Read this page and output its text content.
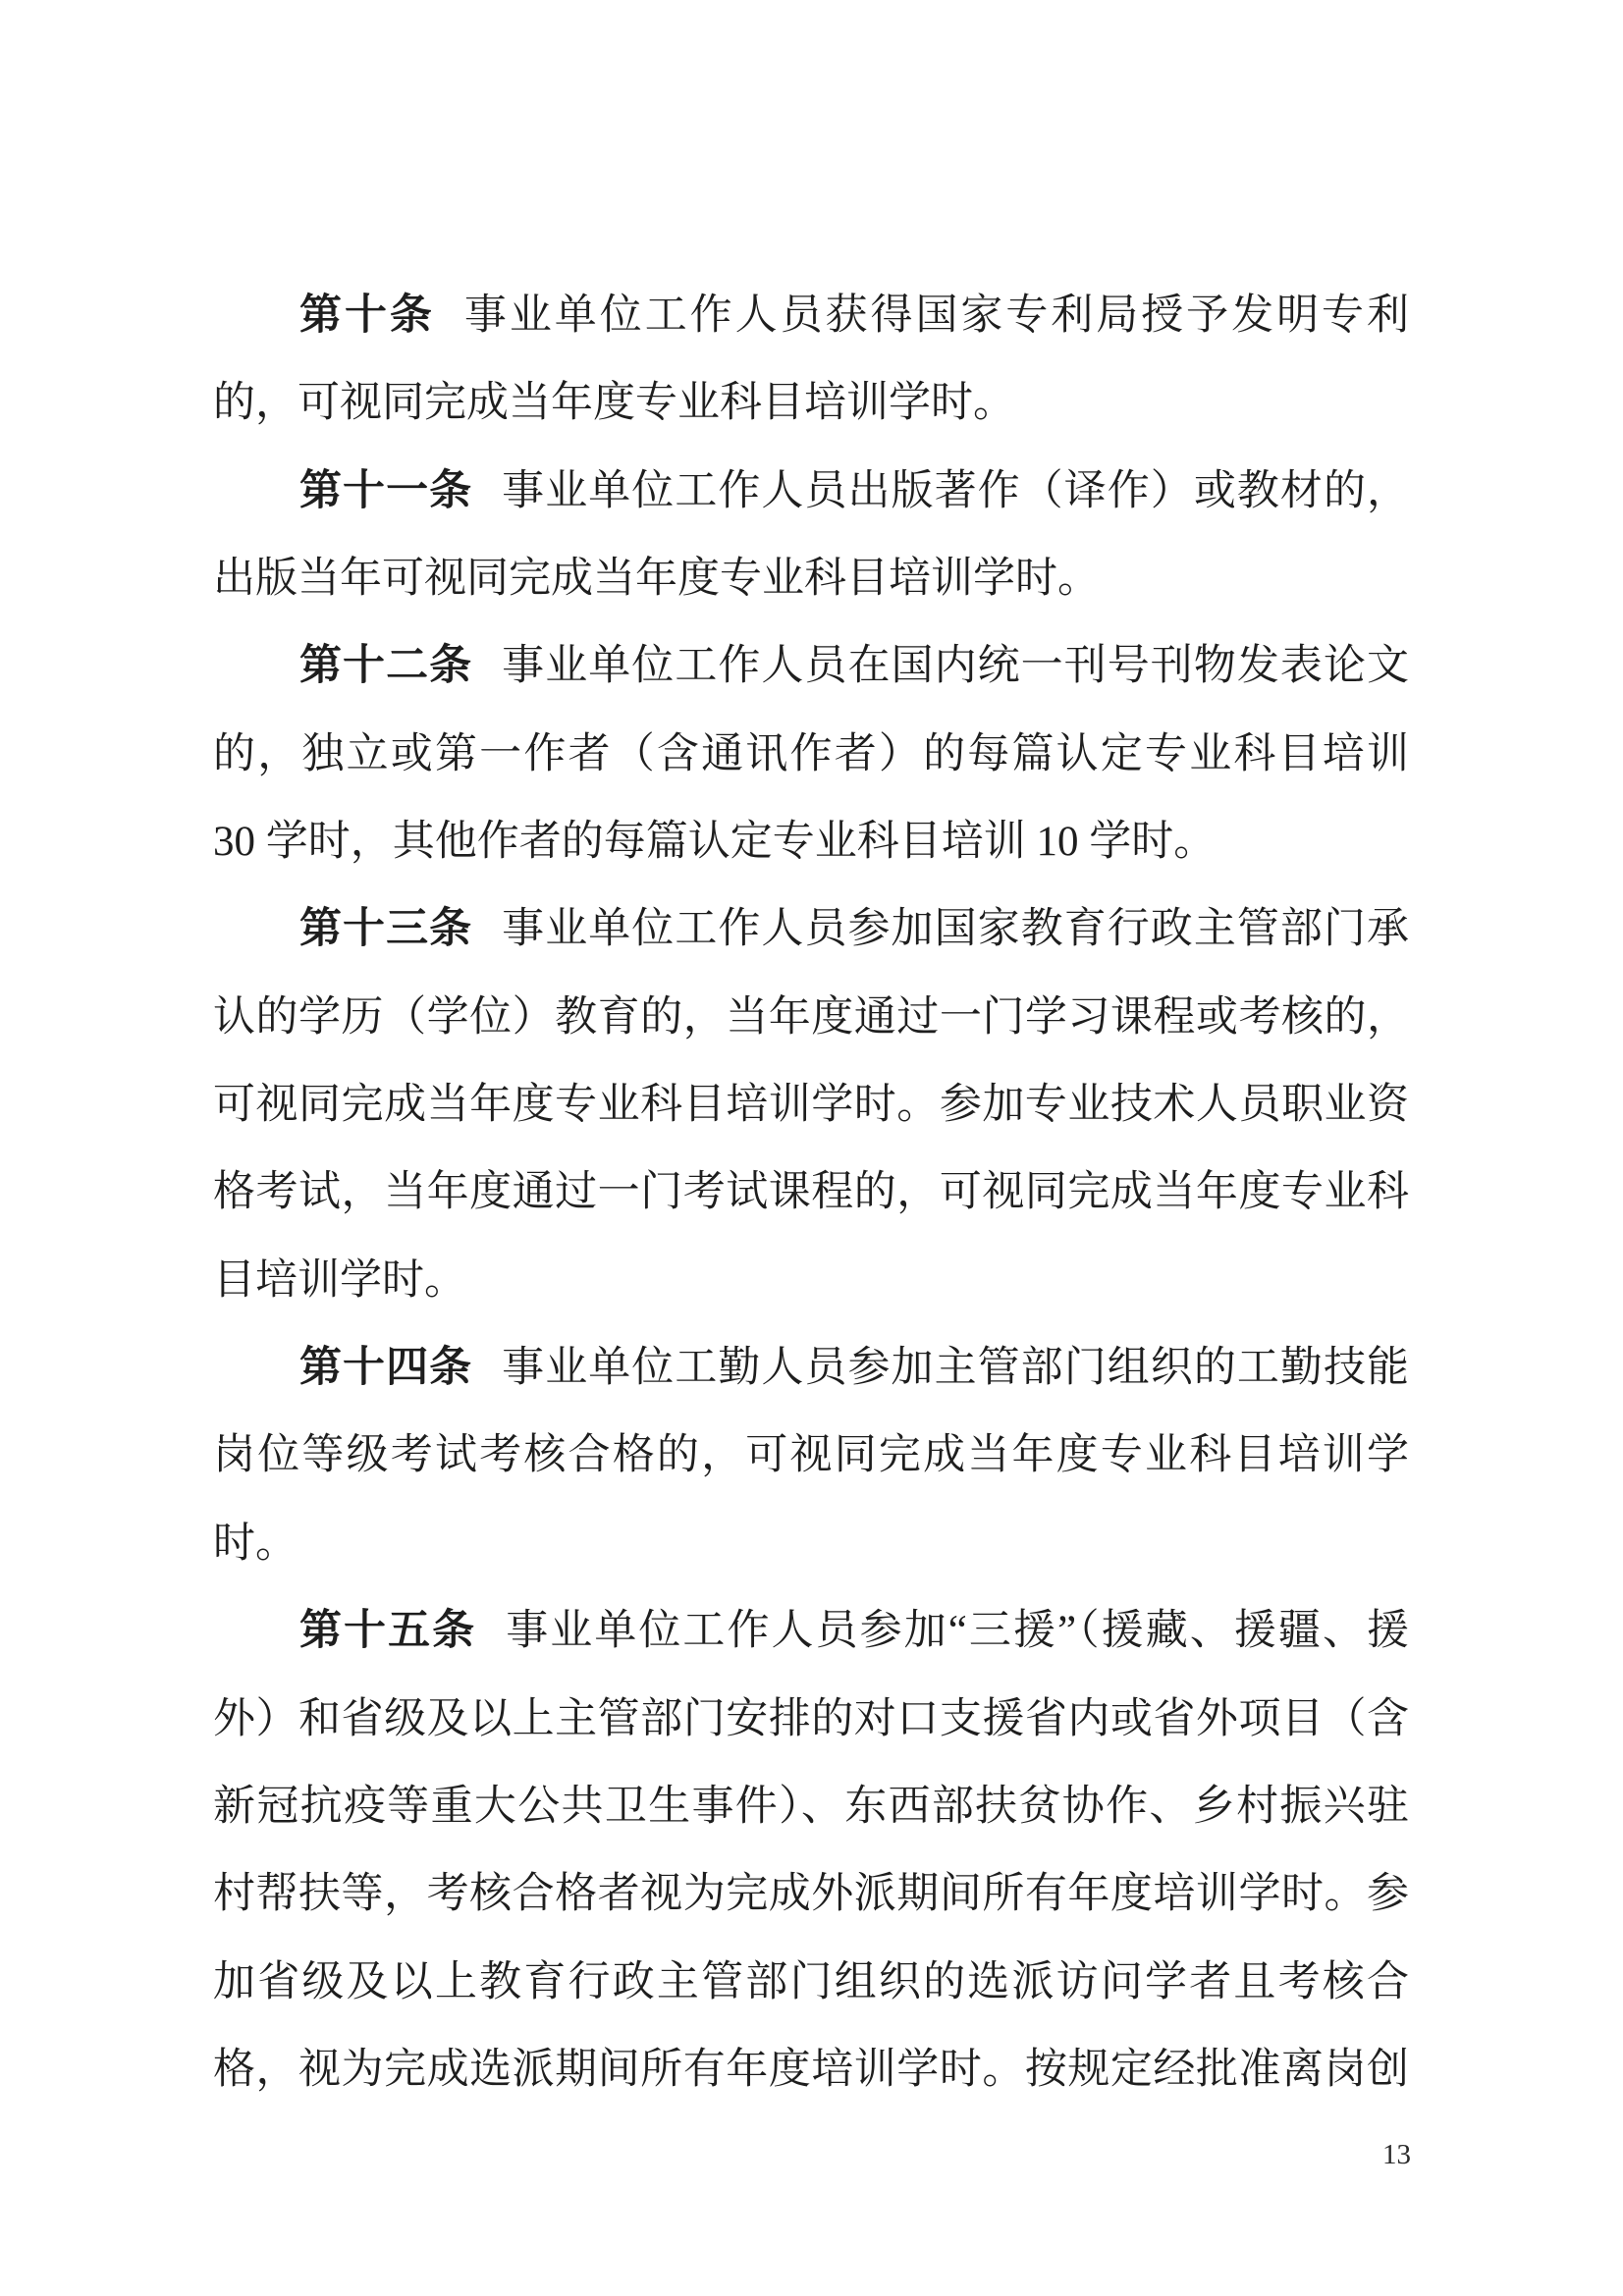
第十条 事业单位工作人员获得国家专利局授予发明专利
的，可视同完成当年度专业科目培训学时。
第十一条 事业单位工作人员出版著作（译作）或教材的，
出版当年可视同完成当年度专业科目培训学时。
第十二条 事业单位工作人员在国内统一刊号刊物发表论文
的，独立或第一作者（含通讯作者）的每篇认定专业科目培训
30 学时，其他作者的每篇认定专业科目培训 10 学时。
第十三条 事业单位工作人员参加国家教育行政主管部门承
认的学历（学位）教育的，当年度通过一门学习课程或考核的，
可视同完成当年度专业科目培训学时。参加专业技术人员职业资
格考试，当年度通过一门考试课程的，可视同完成当年度专业科
目培训学时。
第十四条 事业单位工勤人员参加主管部门组织的工勤技能
岗位等级考试考核合格的，可视同完成当年度专业科目培训学
时。
第十五条 事业单位工作人员参加“三援”（援藏、援疆、援
外）和省级及以上主管部门安排的对口支援省内或省外项目（含
新冠抗疫等重大公共卫生事件）、东西部扶贫协作、乡村振兴驻
村帮扶等，考核合格者视为完成外派期间所有年度培训学时。参
加省级及以上教育行政主管部门组织的选派访问学者且考核合
格，视为完成选派期间所有年度培训学时。按规定经批准离岗创
13
